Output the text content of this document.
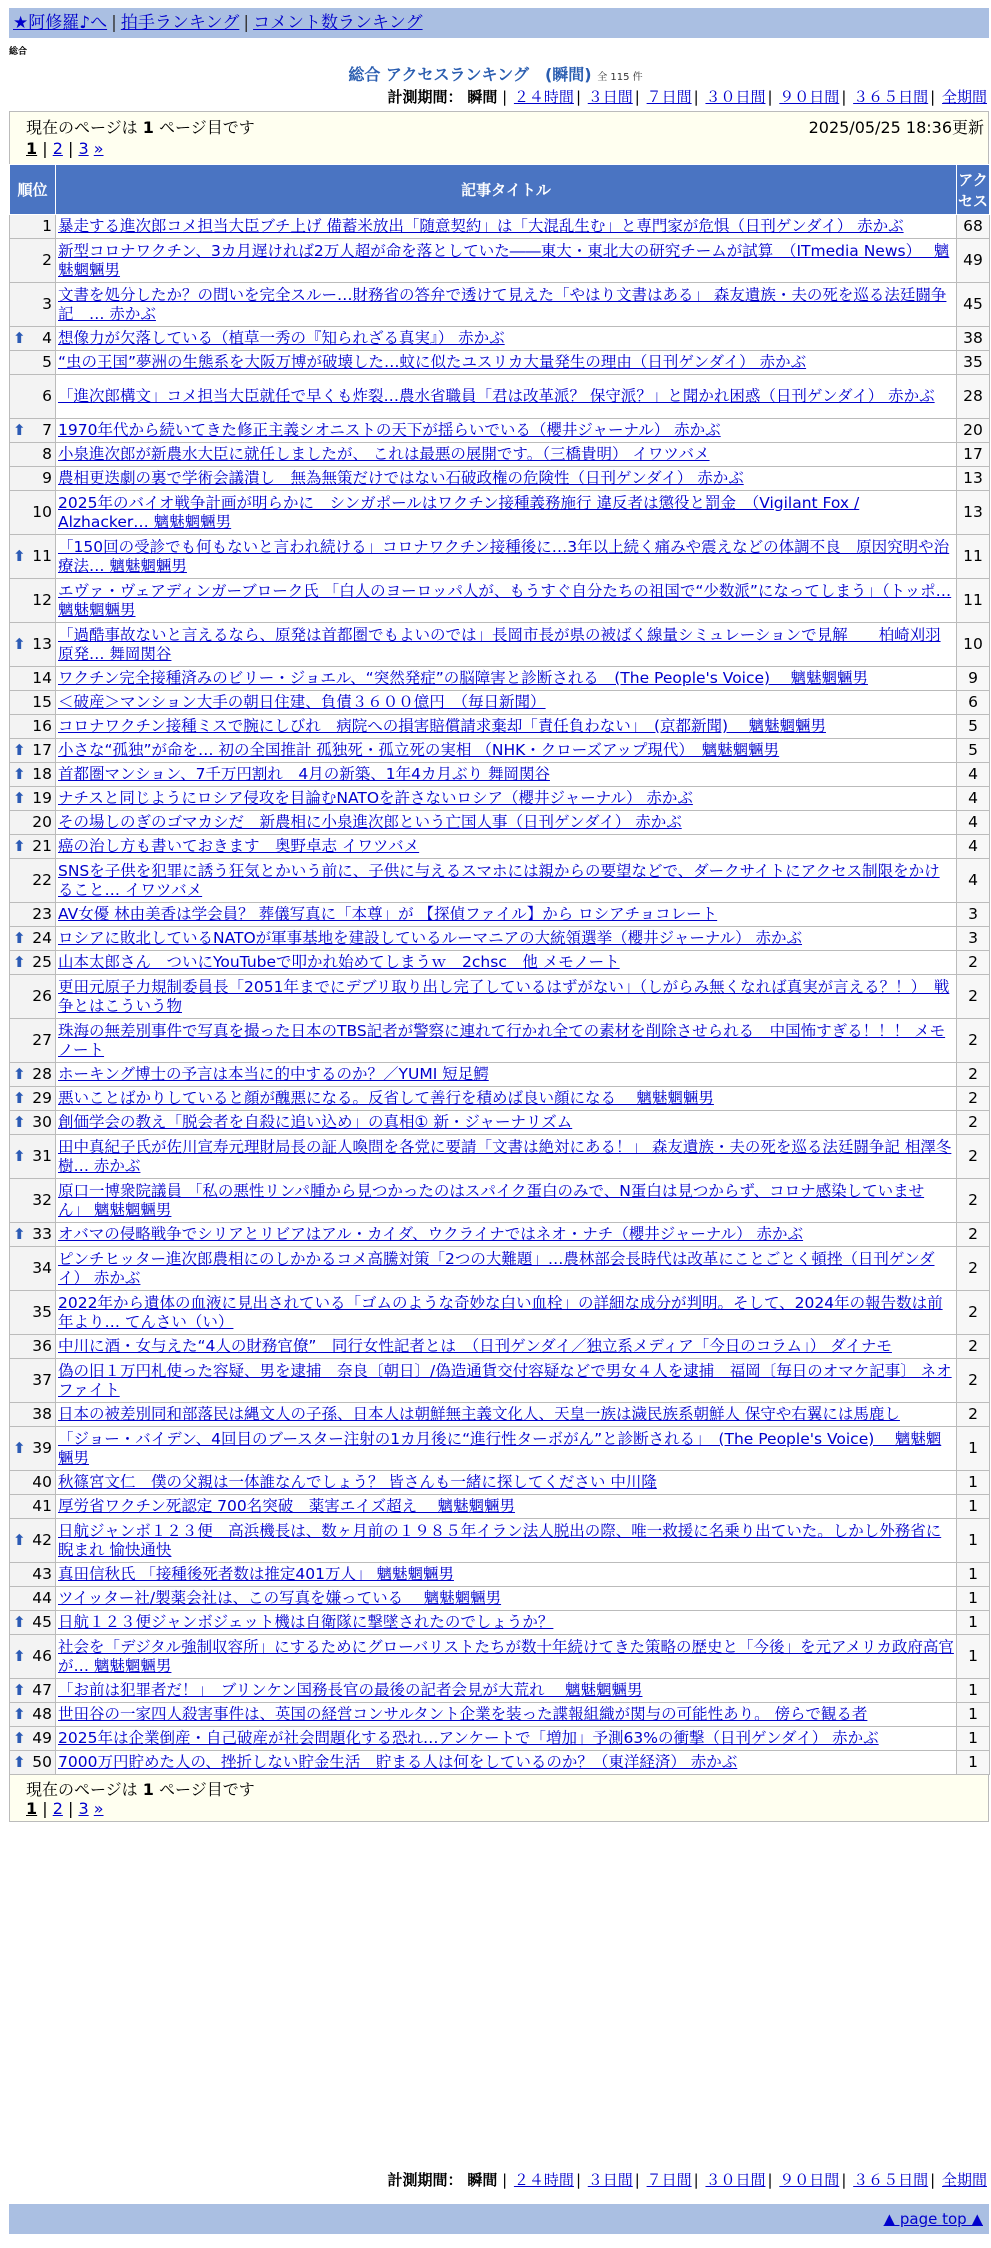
★阿修羅♪へ | 拍手ランキング | コメント数ランキング
総合
総合 アクセスランキング　(瞬間) 全 115 件
計測期間： 瞬間 | ２４時間 | ３日間 | ７日間 | ３０日間 | ９０日間 | ３６５日間 | 全期間
現在のページは 1 ページ目です	2025/05/25 18:36更新
1 | 2 | 3 »
順位	記事タイトル	アクセス
1	暴走する進次郎コメ担当大臣ブチ上げ 備蓄米放出「随意契約」は「大混乱生む」と専門家が危惧（日刊ゲンダイ） 赤かぶ	68
2	新型コロナワクチン、3カ月遅ければ2万人超が命を落としていた――東大・東北大の研究チームが試算　（ITmedia News）　 魑魅魍魎男	49
3	文書を処分したか？の問いを完全スルー…財務省の答弁で透けて見えた「やはり文書はある」 森友遺族・夫の死を巡る法廷闘争記　… 赤かぶ	45

⬆ 4	想像力が欠落している（植草一秀の『知られざる真実』） 赤かぶ	38
5	“虫の王国”夢洲の生態系を大阪万博が破壊した…蚊に似たユスリカ大量発生の理由（日刊ゲンダイ） 赤かぶ	35
6	「進次郎構文」コメ担当大臣就任で早くも炸裂…農水省職員「君は改革派？ 保守派？」と聞かれ困惑（日刊ゲンダイ） 赤かぶ	28

⬆ 7	1970年代から続いてきた修正主義シオニストの天下が揺らいでいる（櫻井ジャーナル） 赤かぶ	20
8	小泉進次郎が新農水大臣に就任しましたが、 これは最悪の展開です。（三橋貴明） イワツバメ	17
9	農相更迭劇の裏で学術会議潰し　無為無策だけではない石破政権の危険性（日刊ゲンダイ） 赤かぶ	13
10	2025年のバイオ戦争計画が明らかに　シンガポールはワクチン接種義務施行 違反者は懲役と罰金　（Vigilant Fox / Alzhacker… 魑魅魍魎男	13

⬆ 11	「150回の受診でも何もないと言われ続ける」コロナワクチン接種後に…3年以上続く痛みや震えなどの体調不良　原因究明や治療法… 魑魅魍魎男	11
12	エヴァ・ヴェアディンガーブローク氏 「白人のヨーロッパ人が、もうすぐ自分たちの祖国で“少数派”になってしまう」（トッポ… 魑魅魍魎男	11

⬆ 13	「過酷事故ないと言えるなら、原発は首都圏でもよいのでは」長岡市長が県の被ばく線量シミュレーションで見解　　柏崎刈羽原発… 舞岡関谷	10
14	ワクチン完全接種済みのビリー・ジョエル、“突然発症”の脳障害と診断される　(The People's Voice)　 魑魅魍魎男	9
15	＜破産＞マンション大手の朝日住建、負債３６００億円　（毎日新聞）	6
16	コロナワクチン接種ミスで腕にしびれ　病院への損害賠償請求棄却「責任負わない」　(京都新聞)　 魑魅魍魎男	5

⬆ 17	小さな“孤独”が命を… 初の全国推計 孤独死・孤立死の実相 （NHK・クローズアップ現代）　魑魅魍魎男	5

⬆ 18	首都圏マンション、7千万円割れ　4月の新築、1年4カ月ぶり 舞岡関谷	4

⬆ 19	ナチスと同じようにロシア侵攻を目論むNATOを許さないロシア（櫻井ジャーナル） 赤かぶ	4
20	その場しのぎのゴマカシだ　新農相に小泉進次郎という亡国人事（日刊ゲンダイ） 赤かぶ	4

⬆ 21	癌の治し方も書いておきます　奥野卓志 イワツバメ	4
22	SNSを子供を犯罪に誘う狂気とかいう前に、子供に与えるスマホには親からの要望などで、ダークサイトにアクセス制限をかけること… イワツバメ	4
23	AV女優 林由美香は学会員？ 葬儀写真に「本尊」が 【探偵ファイル】から ロシアチョコレート	3

⬆ 24	ロシアに敗北しているNATOが軍事基地を建設しているルーマニアの大統領選挙（櫻井ジャーナル） 赤かぶ	3

⬆ 25	山本太郎さん　ついにYouTubeで叩かれ始めてしまうｗ　2chsc　他 メモノート	2
26	更田元原子力規制委員長「2051年までにデブリ取り出し完了しているはずがない」（しがらみ無くなれば真実が言える？！）　戦争とはこういう物	2
27	珠海の無差別事件で写真を撮った日本のTBS記者が警察に連れて行かれ全ての素材を削除させられる　中国怖すぎる！！！ メモノート	2

⬆ 28	ホーキング博士の予言は本当に的中するのか？／YUMI 短足鰐	2

⬆ 29	悪いことばかりしていると顔が醜悪になる。反省して善行を積めば良い顔になる　 魑魅魍魎男	2

⬆ 30	創価学会の教え「脱会者を自殺に追い込め」の真相① 新・ジャーナリズム	2

⬆ 31	田中真紀子氏が佐川宣寿元理財局長の証人喚問を各党に要請「文書は絶対にある！」 森友遺族・夫の死を巡る法廷闘争記 相澤冬樹… 赤かぶ	2
32	原口一博衆院議員 「私の悪性リンパ腫から見つかったのはスパイク蛋白のみで、N蛋白は見つからず、コロナ感染していません」 魑魅魍魎男	2

⬆ 33	オバマの侵略戦争でシリアとリビアはアル・カイダ、ウクライナではネオ・ナチ（櫻井ジャーナル） 赤かぶ	2
34	ピンチヒッター進次郎農相にのしかかるコメ高騰対策「2つの大難題」…農林部会長時代は改革にことごとく頓挫（日刊ゲンダイ） 赤かぶ	2
35	2022年から遺体の血液に見出されている「ゴムのような奇妙な白い血栓」の詳細な成分が判明。そして、2024年の報告数は前年より… てんさい（い）	2
36	中川に酒・女与えた“4人の財務官僚”　同行女性記者とは　（日刊ゲンダイ／独立系メディア「今日のコラム」） ダイナモ	2
37	偽の旧１万円札使った容疑、男を逮捕　奈良〔朝日〕/偽造通貨交付容疑などで男女４人を逮捕　福岡〔毎日のオマケ記事〕 ネオファイト	2
38	日本の被差別同和部落民は縄文人の子孫、日本人は朝鮮無主義文化人、天皇一族は濊民族系朝鮮人 保守や右翼には馬鹿し	2

⬆ 39	「ジョー・バイデン、4回目のブースター注射の1カ月後に“進行性ターボがん”と診断される」　(The People's Voice)　 魑魅魍魎男	1
40	秋篠宮文仁　僕の父親は一体誰なんでしょう？ 皆さんも一緒に探してください 中川隆	1
41	厚労省ワクチン死認定 700名突破　薬害エイズ超え　 魑魅魍魎男	1

⬆ 42	日航ジャンボ１２３便　高浜機長は、数ヶ月前の１９８５年イラン法人脱出の際、唯一救援に名乗り出ていた。しかし外務省に睨まれ 愉快通快	1
43	真田信秋氏 「接種後死者数は推定401万人」 魑魅魍魎男	1
44	ツイッター社/製薬会社は、この写真を嫌っている　 魑魅魍魎男	1

⬆ 45	日航１２３便ジャンボジェット機は自衛隊に撃墜されたのでしょうか？	1

⬆ 46	社会を「デジタル強制収容所」にするためにグローバリストたちが数十年続けてきた策略の歴史と「今後」を元アメリカ政府高官が… 魑魅魍魎男	1

⬆ 47	「お前は犯罪者だ！」　ブリンケン国務長官の最後の記者会見が大荒れ　 魑魅魍魎男	1

⬆ 48	世田谷の一家四人殺害事件は、英国の経営コンサルタント企業を装った諜報組織が関与の可能性あり。 傍らで観る者	1

⬆ 49	2025年は企業倒産・自己破産が社会問題化する恐れ…アンケートで「増加」予測63%の衝撃（日刊ゲンダイ） 赤かぶ	1

⬆ 50	7000万円貯めた人の、挫折しない貯金生活　貯まる人は何をしているのか？（東洋経済） 赤かぶ	1
現在のページは 1 ページ目です
1 | 2 | 3 »
計測期間： 瞬間 | ２４時間 | ３日間 | ７日間 | ３０日間 | ９０日間 | ３６５日間 | 全期間
▲ page top ▲
